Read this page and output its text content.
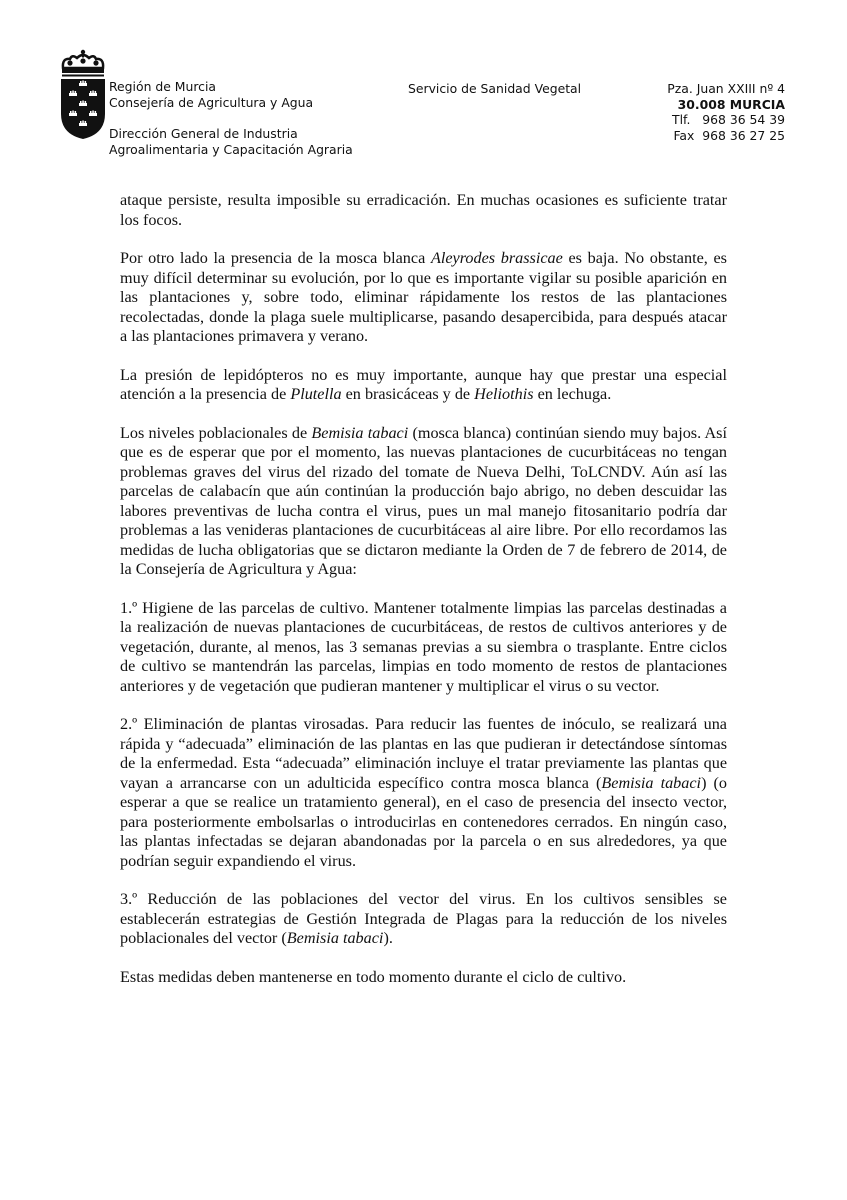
Región de Murcia
Consejería de Agricultura y Agua
Dirección General de Industria
Agroalimentaria y Capacitación Agraria
Servicio de Sanidad Vegetal	Pza. Juan XXIII nº 4
30.008 MURCIA
Tlf.   968 36 54 39
Fax  968 36 27 25

ataque persiste, resulta imposible su erradicación. En muchas ocasiones es suficiente tratar los focos.

Por otro lado la presencia de la mosca blanca Aleyrodes brassicae es baja. No obstante, es muy difícil determinar su evolución, por lo que es importante vigilar su posible aparición en las plantaciones y, sobre todo, eliminar rápidamente los restos de las plantaciones recolectadas, donde la plaga suele multiplicarse, pasando desapercibida, para después atacar a las plantaciones primavera y verano.

La presión de lepidópteros no es muy importante, aunque hay que prestar una especial atención a la presencia de Plutella en brasicáceas y de Heliothis en lechuga.

Los niveles poblacionales de Bemisia tabaci (mosca blanca) continúan siendo muy bajos. Así que es de esperar que por el momento, las nuevas plantaciones de cucurbitáceas no tengan problemas graves del virus del rizado del tomate de Nueva Delhi, ToLCNDV. Aún así las parcelas de calabacín que aún continúan la producción bajo abrigo, no deben descuidar las labores preventivas de lucha contra el virus, pues un mal manejo fitosanitario podría dar problemas a las venideras plantaciones de cucurbitáceas al aire libre. Por ello recordamos las medidas de lucha obligatorias que se dictaron mediante la Orden de 7 de febrero de 2014, de la Consejería de Agricultura y Agua:

1.º Higiene de las parcelas de cultivo. Mantener totalmente limpias las parcelas destinadas a la realización de nuevas plantaciones de cucurbitáceas, de restos de cultivos anteriores y de vegetación, durante, al menos, las 3 semanas previas a su siembra o trasplante. Entre ciclos de cultivo se mantendrán las parcelas, limpias en todo momento de restos de plantaciones anteriores y de vegetación que pudieran mantener y multiplicar el virus o su vector.

2.º Eliminación de plantas virosadas. Para reducir las fuentes de inóculo, se realizará una rápida y “adecuada” eliminación de las plantas en las que pudieran ir detectándose síntomas de la enfermedad. Esta “adecuada” eliminación incluye el tratar previamente las plantas que vayan a arrancarse con un adulticida específico contra mosca blanca (Bemisia tabaci) (o esperar a que se realice un tratamiento general), en el caso de presencia del insecto vector, para posteriormente embolsarlas o introducirlas en contenedores cerrados. En ningún caso, las plantas infectadas se dejaran abandonadas por la parcela o en sus alrededores, ya que podrían seguir expandiendo el virus.

3.º Reducción de las poblaciones del vector del virus. En los cultivos sensibles se establecerán estrategias de Gestión Integrada de Plagas para la reducción de los niveles poblacionales del vector (Bemisia tabaci).

Estas medidas deben mantenerse en todo momento durante el ciclo de cultivo.
